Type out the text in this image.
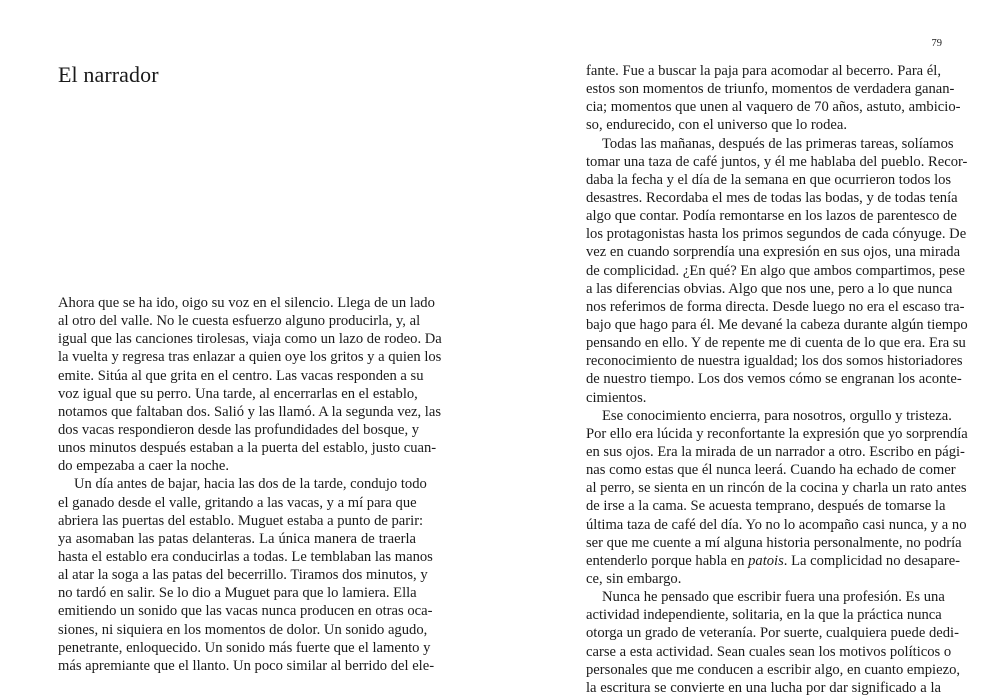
El narrador
Ahora que se ha ido, oigo su voz en el silencio. Llega de un lado
al otro del valle. No le cuesta esfuerzo alguno producirla, y, al
igual que las canciones tirolesas, viaja como un lazo de rodeo. Da
la vuelta y regresa tras enlazar a quien oye los gritos y a quien los
emite. Sitúa al que grita en el centro. Las vacas responden a su
voz igual que su perro. Una tarde, al encerrarlas en el establo,
notamos que faltaban dos. Salió y las llamó. A la segunda vez, las
dos vacas respondieron desde las profundidades del bosque, y
unos minutos después estaban a la puerta del establo, justo cuan-
do empezaba a caer la noche.
Un día antes de bajar, hacia las dos de la tarde, condujo todo
el ganado desde el valle, gritando a las vacas, y a mí para que
abriera las puertas del establo. Muguet estaba a punto de parir:
ya asomaban las patas delanteras. La única manera de traerla
hasta el establo era conducirlas a todas. Le temblaban las manos
al atar la soga a las patas del becerrillo. Tiramos dos minutos, y
no tardó en salir. Se lo dio a Muguet para que lo lamiera. Ella
emitiendo un sonido que las vacas nunca producen en otras oca-
siones, ni siquiera en los momentos de dolor. Un sonido agudo,
penetrante, enloquecido. Un sonido más fuerte que el lamento y
más apremiante que el llanto. Un poco similar al berrido del ele-
79
fante. Fue a buscar la paja para acomodar al becerro. Para él,
estos son momentos de triunfo, momentos de verdadera ganan-
cia; momentos que unen al vaquero de 70 años, astuto, ambicio-
so, endurecido, con el universo que lo rodea.
Todas las mañanas, después de las primeras tareas, solíamos
tomar una taza de café juntos, y él me hablaba del pueblo. Recor-
daba la fecha y el día de la semana en que ocurrieron todos los
desastres. Recordaba el mes de todas las bodas, y de todas tenía
algo que contar. Podía remontarse en los lazos de parentesco de
los protagonistas hasta los primos segundos de cada cónyuge. De
vez en cuando sorprendía una expresión en sus ojos, una mirada
de complicidad. ¿En qué? En algo que ambos compartimos, pese
a las diferencias obvias. Algo que nos une, pero a lo que nunca
nos referimos de forma directa. Desde luego no era el escaso tra-
bajo que hago para él. Me devané la cabeza durante algún tiempo
pensando en ello. Y de repente me di cuenta de lo que era. Era su
reconocimiento de nuestra igualdad; los dos somos historiadores
de nuestro tiempo. Los dos vemos cómo se engranan los aconte-
cimientos.
Ese conocimiento encierra, para nosotros, orgullo y tristeza.
Por ello era lúcida y reconfortante la expresión que yo sorprendía
en sus ojos. Era la mirada de un narrador a otro. Escribo en pági-
nas como estas que él nunca leerá. Cuando ha echado de comer
al perro, se sienta en un rincón de la cocina y charla un rato antes
de irse a la cama. Se acuesta temprano, después de tomarse la
última taza de café del día. Yo no lo acompaño casi nunca, y a no
ser que me cuente a mí alguna historia personalmente, no podría
entenderlo porque habla en patois. La complicidad no desapare-
ce, sin embargo.
Nunca he pensado que escribir fuera una profesión. Es una
actividad independiente, solitaria, en la que la práctica nunca
otorga un grado de veteranía. Por suerte, cualquiera puede dedi-
carse a esta actividad. Sean cuales sean los motivos políticos o
personales que me conducen a escribir algo, en cuanto empiezo,
la escritura se convierte en una lucha por dar significado a la
